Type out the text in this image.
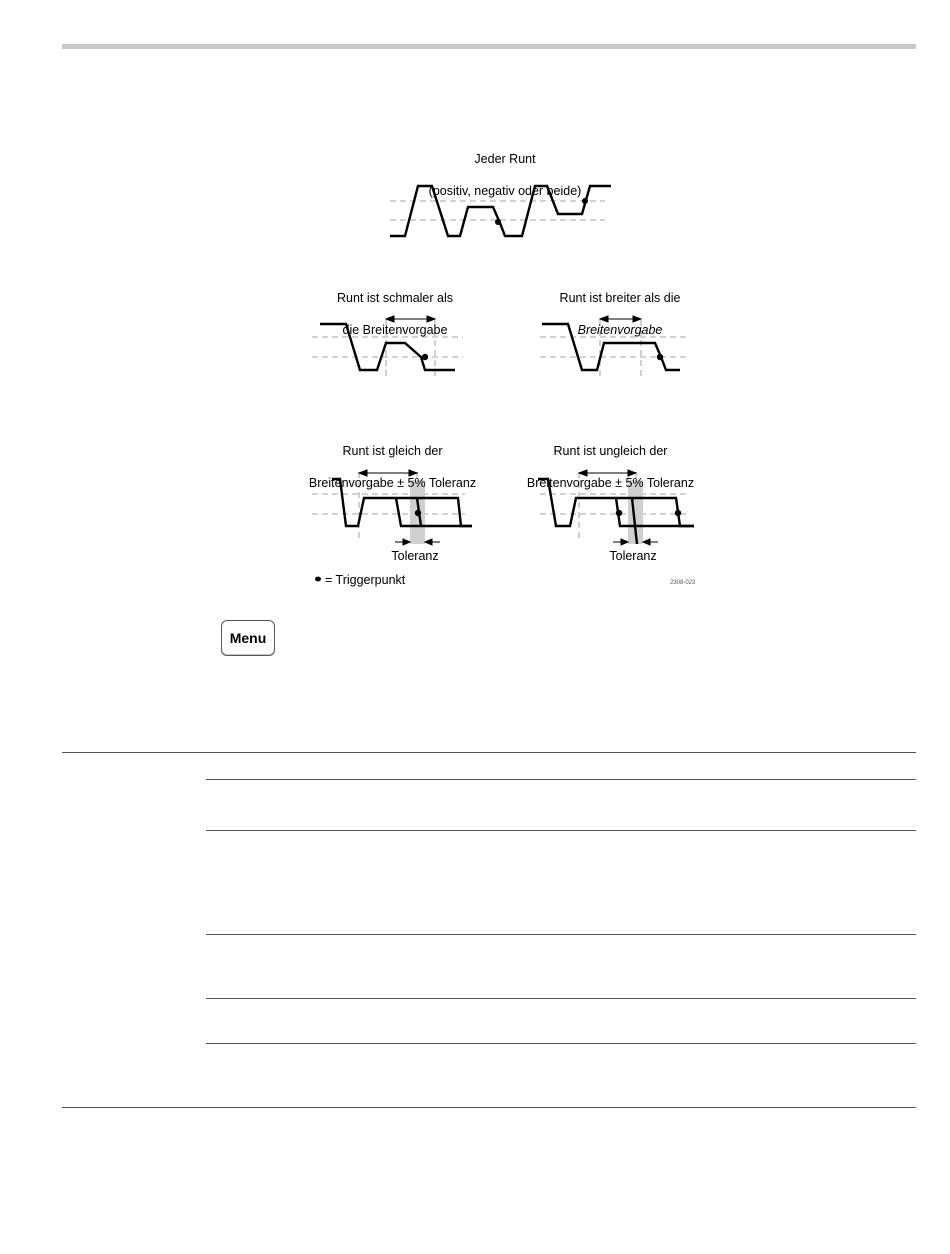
Jeder Runt

(positiv, negativ oder beide)

Runt ist schmaler als

die Breitenvorgabe

Runt ist breiter als die

Breitenvorgabe

Runt ist gleich der

Breitenvorgabe ± 5% Toleranz

Runt ist ungleich der

Breitenvorgabe ± 5% Toleranz

Toleranz	Toleranz
= Triggerpunkt	2308-023
Menu
